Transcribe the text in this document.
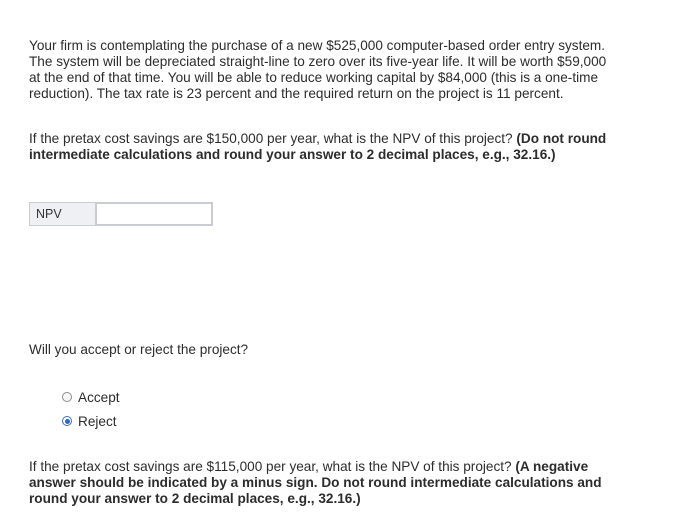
Your firm is contemplating the purchase of a new $525,000 computer-based order entry system. The system will be depreciated straight-line to zero over its five-year life. It will be worth $59,000 at the end of that time. You will be able to reduce working capital by $84,000 (this is a one-time reduction). The tax rate is 23 percent and the required return on the project is 11 percent.
If the pretax cost savings are $150,000 per year, what is the NPV of this project? (Do not round intermediate calculations and round your answer to 2 decimal places, e.g., 32.16.)
NPV
Will you accept or reject the project?
Accept
Reject
If the pretax cost savings are $115,000 per year, what is the NPV of this project? (A negative answer should be indicated by a minus sign. Do not round intermediate calculations and round your answer to 2 decimal places, e.g., 32.16.)
